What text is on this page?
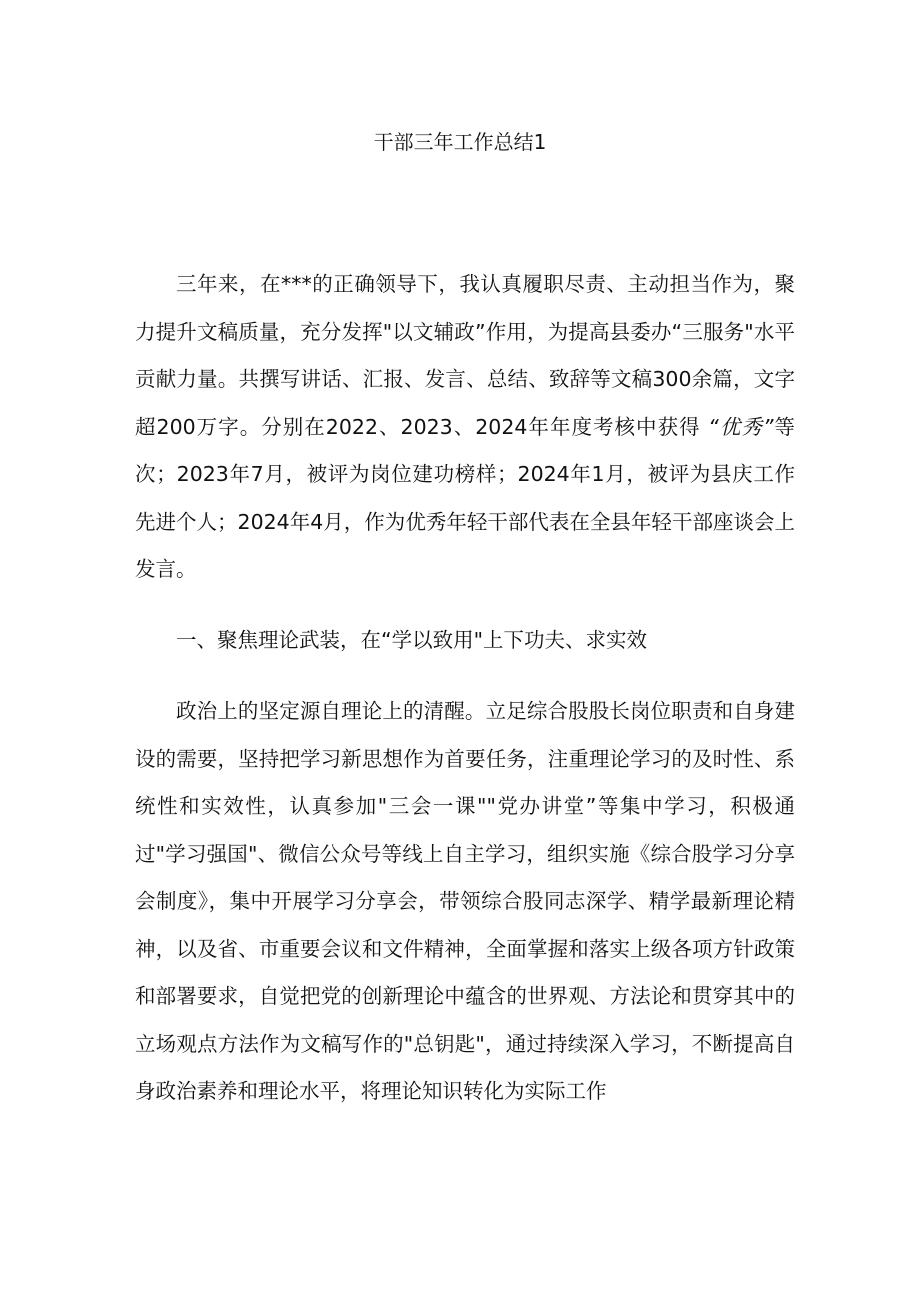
干部三年工作总结1

三年来，在***的正确领导下，我认真履职尽责、主动担当作为，聚力提升文稿质量，充分发挥"以文辅政”作用，为提高县委办“三服务"水平贡献力量。共撰写讲话、汇报、发言、总结、致辞等文稿300余篇，文字超200万字。分别在2022、2023、2024年年度考核中获得 “优秀”等次；2023年7月，被评为岗位建功榜样；2024年1月，被评为县庆工作先进个人；2024年4月，作为优秀年轻干部代表在全县年轻干部座谈会上发言。

一、聚焦理论武装，在“学以致用"上下功夫、求实效

政治上的坚定源自理论上的清醒。立足综合股股长岗位职责和自身建设的需要，坚持把学习新思想作为首要任务，注重理论学习的及时性、系统性和实效性，认真参加"三会一课""党办讲堂”等集中学习，积极通过"学习强国"、微信公众号等线上自主学习，组织实施《综合股学习分享会制度》，集中开展学习分享会，带领综合股同志深学、精学最新理论精神，以及省、市重要会议和文件精神，全面掌握和落实上级各项方针政策和部署要求，自觉把党的创新理论中蕴含的世界观、方法论和贯穿其中的立场观点方法作为文稿写作的"总钥匙"，通过持续深入学习，不断提高自身政治素养和理论水平，将理论知识转化为实际工作
